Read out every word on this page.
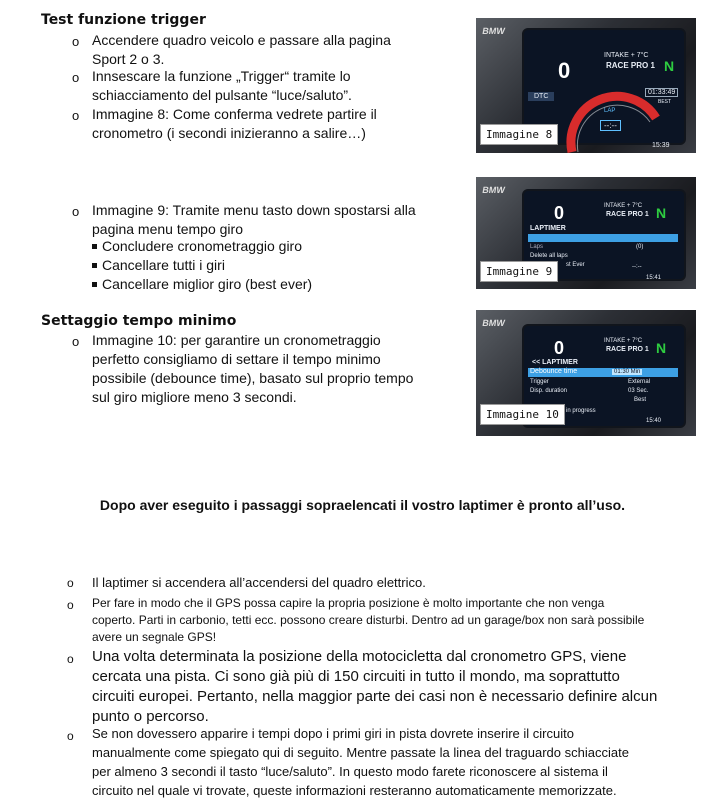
Test funzione trigger
o Accendere quadro veicolo e passare alla pagina
Sport 2 o 3.
o Innsescare la funzione „Trigger“ tramite lo
schiacciamento del pulsante “luce/saluto”.
o Immagine 8: Come conferma vedrete partire il
cronometro (i secondi inizieranno a salire…)
BMW
0
INTAKE + 7°C
RACE PRO 1 N
DTC
LAP
--:--
01:33:49
BEST
15:39
Immagine 8
o Immagine 9: Tramite menu tasto down spostarsi alla
pagina menu tempo giro
Concludere cronometraggio giro
Cancellare tutti i giri
Cancellare miglior giro (best ever)
BMW
0	INTAKE + 7°C
RACE PRO 1 N
LAPTIMER
Laps	(0)
Delete all laps
st Ever	--:--
15:41
Immagine 9
Settaggio tempo minimo
o Immagine 10: per garantire un cronometraggio
perfetto consigliamo di settare il tempo minimo
possibile (debounce time), basato sul proprio tempo
sul giro migliore meno 3 secondi.
BMW
0	INTAKE + 7°C
RACE PRO 1 N
<< LAPTIMER
Debounce time	01:30 Min
Trigger	External
Disp. duration	03 Sec.
Best
in progress
15:40
Immagine 10
Dopo aver eseguito i passaggi sopraelencati il vostro laptimer è pronto all’uso.
o Il laptimer si accendera all’accendersi del quadro elettrico.
o Per fare in modo che il GPS possa capire la propria posizione è molto importante che non venga
coperto. Parti in carbonio, tetti ecc. possono creare disturbi. Dentro ad un garage/box non sarà possibile
avere un segnale GPS!
o Una volta determinata la posizione della motocicletta dal cronometro GPS, viene
cercata una pista. Ci sono già più di 150 circuiti in tutto il mondo, ma soprattutto
circuiti europei. Pertanto, nella maggior parte dei casi non è necessario definire alcun
punto o percorso.
o Se non dovessero apparire i tempi dopo i primi giri in pista dovrete inserire il circuito
manualmente come spiegato qui di seguito. Mentre passate la linea del traguardo schiacciate
per almeno 3 secondi il tasto “luce/saluto”. In questo modo farete riconoscere al sistema il
circuito nel quale vi trovate, queste informazioni resteranno automaticamente memorizzate.
